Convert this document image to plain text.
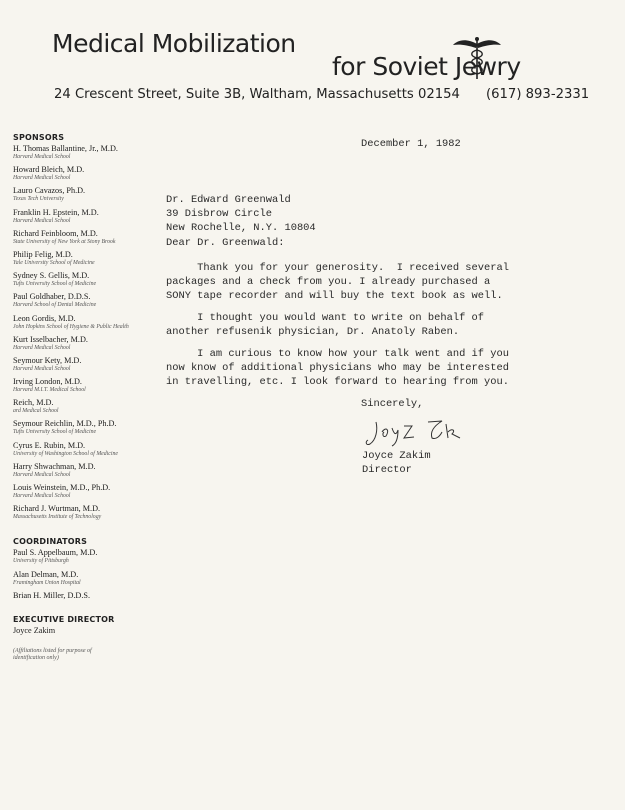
Medical Mobilization
for Soviet Jewry
24 Crescent Street, Suite 3B, Waltham, Massachusetts 02154 (617) 893-2331
SPONSORS
H. Thomas Ballantine, Jr., M.D.
Harvard Medical School
Howard Bleich, M.D.
Harvard Medical School
Lauro Cavazos, Ph.D.
Texas Tech University
Franklin H. Epstein, M.D.
Harvard Medical School
Richard Feinbloom, M.D.
State University of New York at Stony Brook
Philip Felig, M.D.
Yale University School of Medicine
Sydney S. Gellis, M.D.
Tufts University School of Medicine
Paul Goldhaber, D.D.S.
Harvard School of Dental Medicine
Leon Gordis, M.D.
John Hopkins School of Hygiene & Public Health
Kurt Isselbacher, M.D.
Harvard Medical School
Seymour Kety, M.D.
Harvard Medical School
Irving London, M.D.
Harvard M.I.T. Medical School
Reich, M.D.
ard Medical School
Seymour Reichlin, M.D., Ph.D.
Tufts University School of Medicine
Cyrus E. Rubin, M.D.
University of Washington School of Medicine
Harry Shwachman, M.D.
Harvard Medical School
Louis Weinstein, M.D., Ph.D.
Harvard Medical School
Richard J. Wurtman, M.D.
Massachusetts Institute of Technology
COORDINATORS
Paul S. Appelbaum, M.D.
University of Pittsburgh
Alan Delman, M.D.
Framingham Union Hospital
Brian H. Miller, D.D.S.
EXECUTIVE DIRECTOR
Joyce Zakim
(Affiliations listed for purpose of identification only)
December 1, 1982
Dr. Edward Greenwald
39 Disbrow Circle
New Rochelle, N.Y. 10804
Dear Dr. Greenwald:
Thank you for your generosity.  I received several
packages and a check from you. I already purchased a
SONY tape recorder and will buy the text book as well.
I thought you would want to write on behalf of
another refusenik physician, Dr. Anatoly Raben.
I am curious to know how your talk went and if you
now know of additional physicians who may be interested
in travelling, etc. I look forward to hearing from you.
Sincerely,
Joyce Zakim
Director
